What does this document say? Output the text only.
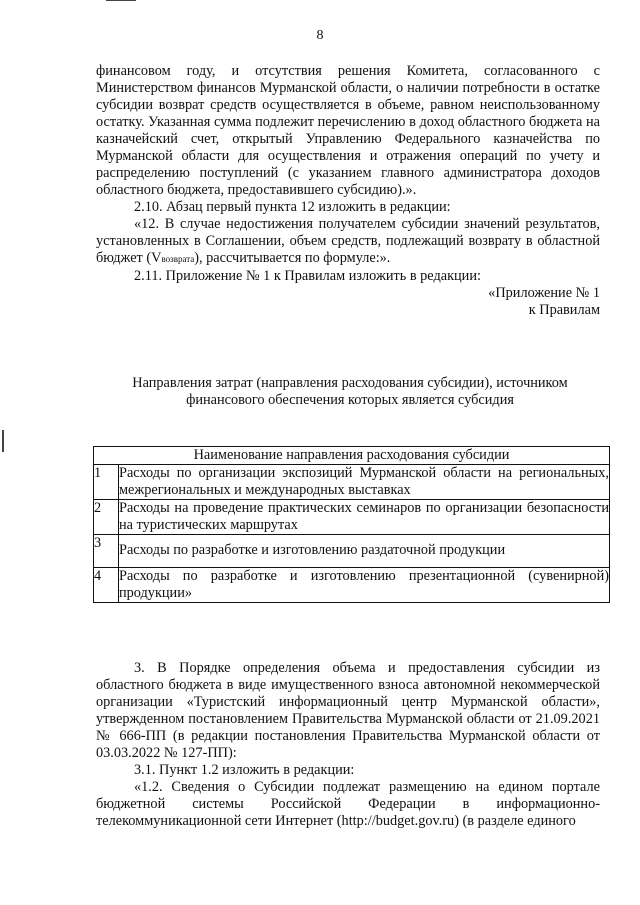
8

финансовом году, и отсутствия решения Комитета, согласованного с Министерством финансов Мурманской области, о наличии потребности в остатке субсидии возврат средств осуществляется в объеме, равном неиспользованному остатку. Указанная сумма подлежит перечислению в доход областного бюджета на казначейский счет, открытый Управлению Федерального казначейства по Мурманской области для осуществления и отражения операций по учету и распределению поступлений (с указанием главного администратора доходов областного бюджета, предоставившего субсидию).».

2.10. Абзац первый пункта 12 изложить в редакции:

«12. В случае недостижения получателем субсидии значений результатов, установленных в Соглашении, объем средств, подлежащий возврату в областной бюджет (Vвозврата), рассчитывается по формуле:».

2.11. Приложение № 1 к Правилам изложить в редакции:

«Приложение № 1

к Правилам

Направления затрат (направления расходования субсидии), источником финансового обеспечения которых является субсидия
Наименование направления расходования субсидии	
1	Расходы по организации экспозиций Мурманской области на региональных, межрегиональных и международных выставках
2	Расходы на проведение практических семинаров по организации безопасности на туристических маршрутах
3	Расходы по разработке и изготовлению раздаточной продукции
4	Расходы по разработке и изготовлению презентационной (сувенирной) продукции»

3. В Порядке определения объема и предоставления субсидии из областного бюджета в виде имущественного взноса автономной некоммерческой организации «Туристский информационный центр Мурманской области», утвержденном постановлением Правительства Мурманской области от 21.09.2021 № 666-ПП (в редакции постановления Правительства Мурманской области от 03.03.2022 № 127-ПП):

3.1. Пункт 1.2 изложить в редакции:

«1.2. Сведения о Субсидии подлежат размещению на едином портале бюджетной системы Российской Федерации в информационно-телекоммуникационной сети Интернет (http://budget.gov.ru) (в разделе единого
